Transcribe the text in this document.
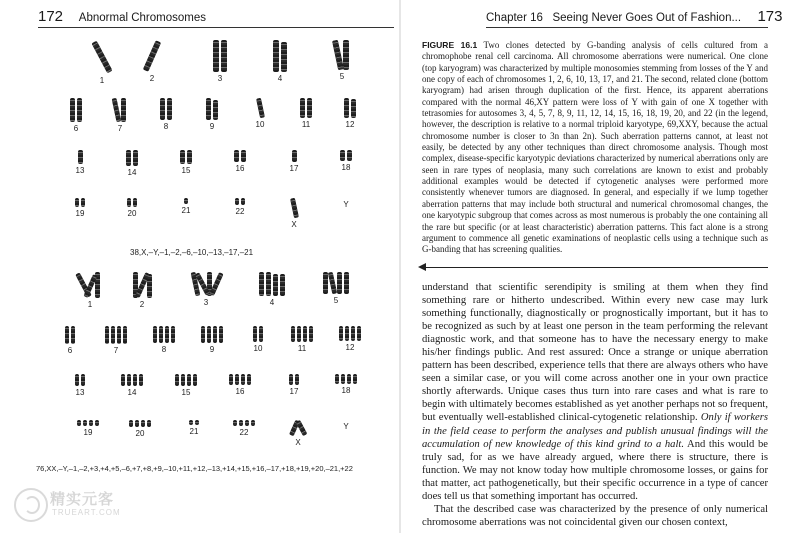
172 Abnormal Chromosomes
1	2	3	4	5
6	7	8	9	10	11	12
13	14	15	16	17	18
19	20	21	22
X
Y
38,X,–Y,–1,–2,–6,–10,–13,–17,–21
1	2	3	4	5
6	7	8	9	10	11	12
13	14	15	16	17	18
19	20	21	22
X
Y
76,XX,–Y,–1,–2,+3,+4,+5,–6,+7,+8,+9,–10,+11,+12,–13,+14,+15,+16,–17,+18,+19,+20,–21,+22
精实元客
TRUEART.COM
Chapter 16   Seeing Never Goes Out of Fashion... 173
FIGURE 16.1 Two clones detected by G-banding analysis of cells cultured from a chromophobe renal cell carcinoma. All chromosome aberrations were numerical. One clone (top karyogram) was characterized by multiple monosomies stemming from losses of the Y and one copy of each of chromosomes 1, 2, 6, 10, 13, 17, and 21. The second, related clone (bottom karyogram) had arisen through duplication of the first. Hence, its apparent aberrations compared with the normal 46,XY pattern were loss of Y with gain of one X together with tetrasomies for autosomes 3, 4, 5, 7, 8, 9, 11, 12, 14, 15, 16, 18, 19, 20, and 22 (in the legend, however, the description is relative to a normal triploid karyotype, 69,XXY, because the actual chromosome number is closer to 3n than 2n). Such aberration patterns cannot, at least not easily, be detected by any other techniques than direct chromosome analysis. Though most complex, disease-specific karyotypic deviations characterized by numerical aberrations only are seen in rare types of neoplasia, many such correlations are known to exist and probably additional examples would be detected if cytogenetic analyses were performed more consistently whenever tumors are diagnosed. In general, and especially if we lump together aberration patterns that may include both structural and numerical chromosomal changes, the one karyotypic subgroup that comes across as most numerous is probably the one containing all the rare but specific (or at least characteristic) aberration patterns. This fact alone is a strong argument to commence all genetic examinations of neoplastic cells using a technique such as G-banding that has screening qualities.

understand that scientific serendipity is smiling at them when they find something rare or hitherto undescribed. Within every new case may lurk something functionally, diagnostically or prognostically important, but it has to be recognized as such by at least one person in the team performing the relevant diagnostic work, and that someone has to have the necessary energy to make his/her findings public. And rest assured: Once a strange or unique aberration pattern has been described, experience tells that there are always others who have seen a similar case, or you will come across another one in your own practice shortly afterwards. Unique cases thus turn into rare cases and what is rare to begin with ultimately becomes established as yet another perhaps not so frequent, but eventually well-established clinical-cytogenetic relationship. Only if workers in the field cease to perform the analyses and publish unusual findings will the accumulation of new knowledge of this kind grind to a halt. And this would be truly sad, for as we have already argued, where there is structure, there is function. We may not know today how multiple chromosome losses, or gains for that matter, act pathogenetically, but their specific occurrence in a type of cancer does tell us that something important has occurred.

That the described case was characterized by the presence of only numerical chromosome aberrations was not coincidental given our chosen context,
